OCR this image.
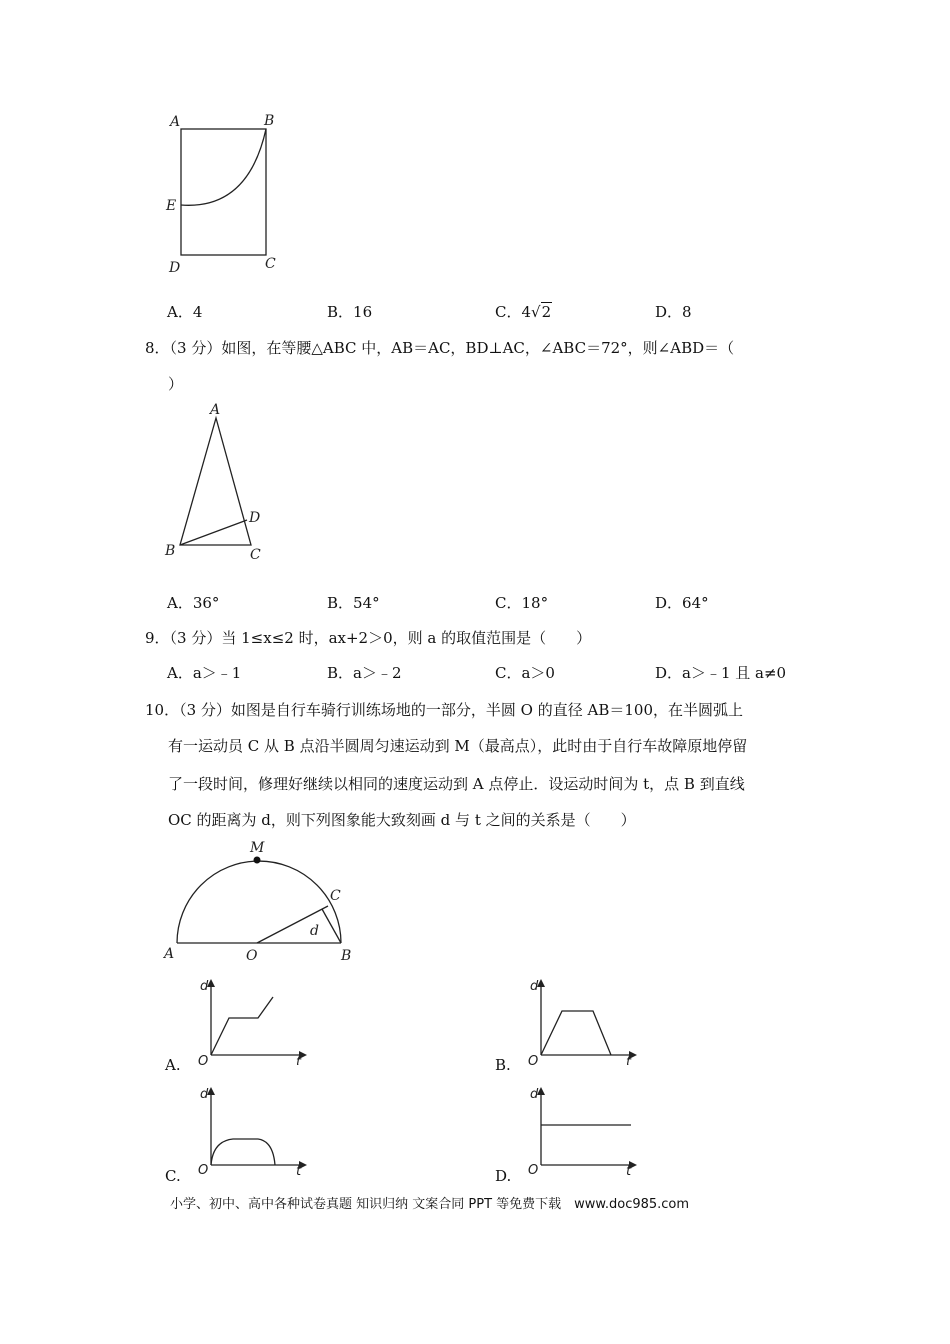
A	B
E
D	C
A．4	B．16	C．4√2	D．8
8．（3 分）如图，在等腰△ABC 中，AB＝AC，BD⊥AC，∠ABC＝72°，则∠ABD＝（
）
A
D
B	C
A．36°	B．54°	C．18°	D．64°
9．（3 分）当 1≤x≤2 时，ax+2＞0，则 a 的取值范围是（　　）
A．a＞﹣1	B．a＞﹣2	C．a＞0	D．a＞﹣1 且 a≠0
10．（3 分）如图是自行车骑行训练场地的一部分，半圆 O 的直径 AB＝100，在半圆弧上
有一运动员 C 从 B 点沿半圆周匀速运动到 M（最高点），此时由于自行车故障原地停留
了一段时间，修理好继续以相同的速度运动到 A 点停止．设运动时间为 t，点 B 到直线
OC 的距离为 d，则下列图象能大致刻画 d 与 t 之间的关系是（　　）
M
C
d
A	O	B
d
O	t
A.
d
O	t
B.
d
O	t
C.
d
O	t
D.
小学、初中、高中各种试卷真题 知识归纳 文案合同 PPT 等免费下载　www.doc985.com
